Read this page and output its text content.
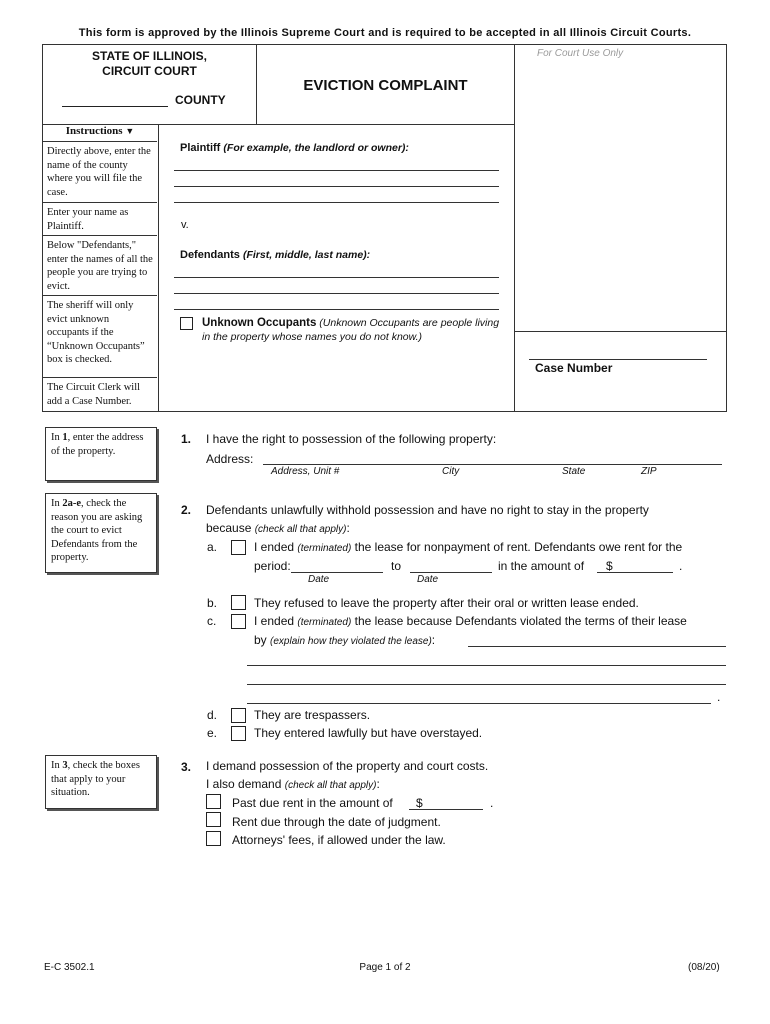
This form is approved by the Illinois Supreme Court and is required to be accepted in all Illinois Circuit Courts.
STATE OF ILLINOIS,
CIRCUIT COURT
COUNTY
EVICTION COMPLAINT
For Court Use Only
Instructions ▼
Directly above, enter the name of the county where you will file the case.
Enter your name as Plaintiff.
Below "Defendants," enter the names of all the people you are trying to evict.
The sheriff will only evict unknown occupants if the “Unknown Occupants” box is checked.
The Circuit Clerk will add a Case Number.
Plaintiff (For example, the landlord or owner):
v.
Defendants (First, middle, last name):
Unknown Occupants (Unknown Occupants are people living in the property whose names you do not know.)
Case Number
In 1, enter the address of the property.
In 2a-e, check the reason you are asking the court to evict Defendants from the property.
In 3, check the boxes that apply to your situation.
1. I have the right to possession of the following property:
Address:
Address, Unit #	City	State	ZIP
2. Defendants unlawfully withhold possession and have no right to stay in the property
because (check all that apply):
a.	I ended (terminated) the lease for nonpayment of rent. Defendants owe rent for the
period:	to	in the amount of $	.
Date	Date
b.	They refused to leave the property after their oral or written lease ended.
c.	I ended (terminated) the lease because Defendants violated the terms of their lease
by (explain how they violated the lease):
.
d.	They are trespassers.
e.	They entered lawfully but have overstayed.
3. I demand possession of the property and court costs.
I also demand (check all that apply):
Past due rent in the amount of $	.
Rent due through the date of judgment.
Attorneys' fees, if allowed under the law.
E-C 3502.1	Page 1 of 2	(08/20)
